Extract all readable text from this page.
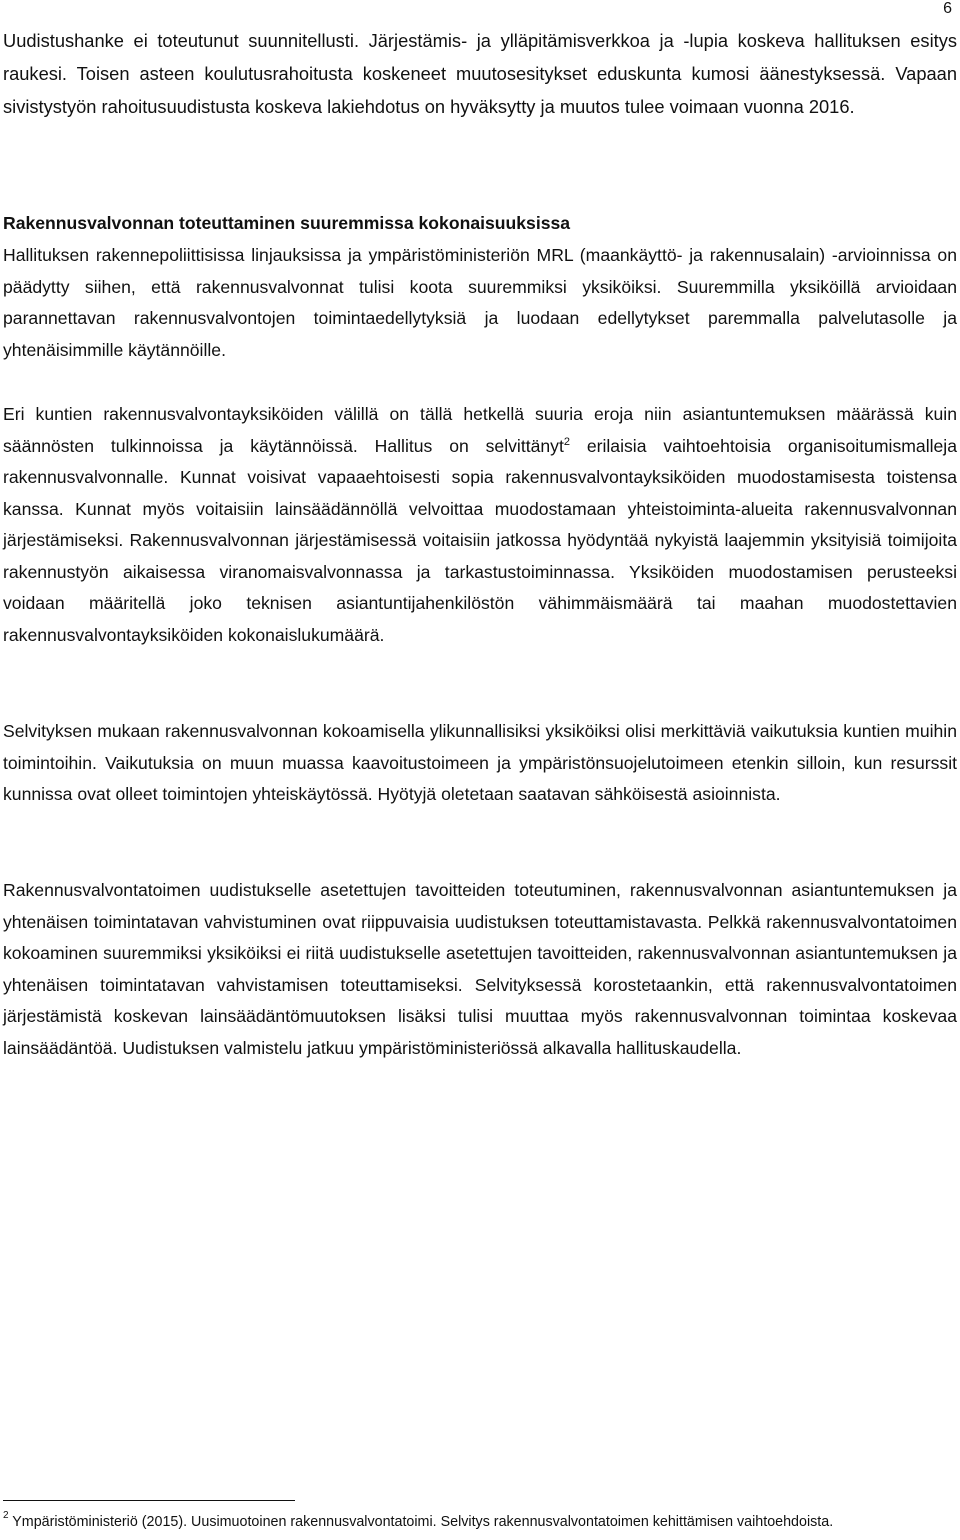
6

Uudistushanke ei toteutunut suunnitellusti. Järjestämis- ja ylläpitämisverkkoa ja -lupia koskeva hallituksen esitys raukesi. Toisen asteen koulutusrahoitusta koskeneet muutosesitykset eduskunta kumosi äänestyksessä. Vapaan sivistystyön rahoitusuudistusta koskeva lakiehdotus on hyväksytty ja muutos tulee voimaan vuonna 2016.

Rakennusvalvonnan toteuttaminen suuremmissa kokonaisuuksissa

Hallituksen rakennepoliittisissa linjauksissa ja ympäristöministeriön MRL (maankäyttö- ja rakennusalain) -arvioinnissa on päädytty siihen, että rakennusvalvonnat tulisi koota suuremmiksi yksiköiksi. Suuremmilla yksiköillä arvioidaan parannettavan rakennusvalvontojen toimintaedellytyksiä ja luodaan edellytykset paremmalla palvelutasolle ja yhtenäisimmille käytännöille.

Eri kuntien rakennusvalvontayksiköiden välillä on tällä hetkellä suuria eroja niin asiantuntemuksen määrässä kuin säännösten tulkinnoissa ja käytännöissä. Hallitus on selvittänyt$^2$ erilaisia vaihtoehtoisia organisoitumismalleja rakennusvalvonnalle. Kunnat voisivat vapaaehtoisesti sopia rakennusvalvontayksiköiden muodostamisesta toistensa kanssa. Kunnat myös voitaisiin lainsäädännöllä velvoittaa muodostamaan yhteistoiminta-alueita rakennusvalvonnan järjestämiseksi. Rakennusvalvonnan järjestämisessä voitaisiin jatkossa hyödyntää nykyistä laajemmin yksityisiä toimijoita rakennustyön aikaisessa viranomaisvalvonnassa ja tarkastustoiminnassa. Yksiköiden muodostamisen perusteeksi voidaan määritellä joko teknisen asiantuntijahenkilöstön vähimmäismäärä tai maahan muodostettavien rakennusvalvontayksiköiden kokonaislukumäärä.

Selvityksen mukaan rakennusvalvonnan kokoamisella ylikunnallisiksi yksiköiksi olisi merkittäviä vaikutuksia kuntien muihin toimintoihin. Vaikutuksia on muun muassa kaavoitustoimeen ja ympäristönsuojelutoimeen etenkin silloin, kun resurssit kunnissa ovat olleet toimintojen yhteiskäytössä. Hyötyjä oletetaan saatavan sähköisestä asioinnista.

Rakennusvalvontatoimen uudistukselle asetettujen tavoitteiden toteutuminen, rakennusvalvonnan asiantuntemuksen ja yhtenäisen toimintatavan vahvistuminen ovat riippuvaisia uudistuksen toteuttamistavasta. Pelkkä rakennusvalvontatoimen kokoaminen suuremmiksi yksiköiksi ei riitä uudistukselle asetettujen tavoitteiden, rakennusvalvonnan asiantuntemuksen ja yhtenäisen toimintatavan vahvistamisen toteuttamiseksi. Selvityksessä korostetaankin, että rakennusvalvontatoimen järjestämistä koskevan lainsäädäntömuutoksen lisäksi tulisi muuttaa myös rakennusvalvonnan toimintaa koskevaa lainsäädäntöä. Uudistuksen valmistelu jatkuu ympäristöministeriössä alkavalla hallituskaudella.

$^2$ Ympäristöministeriö (2015). Uusimuotoinen rakennusvalvontatoimi. Selvitys rakennusvalvontatoimen kehittämisen vaihtoehdoista.
